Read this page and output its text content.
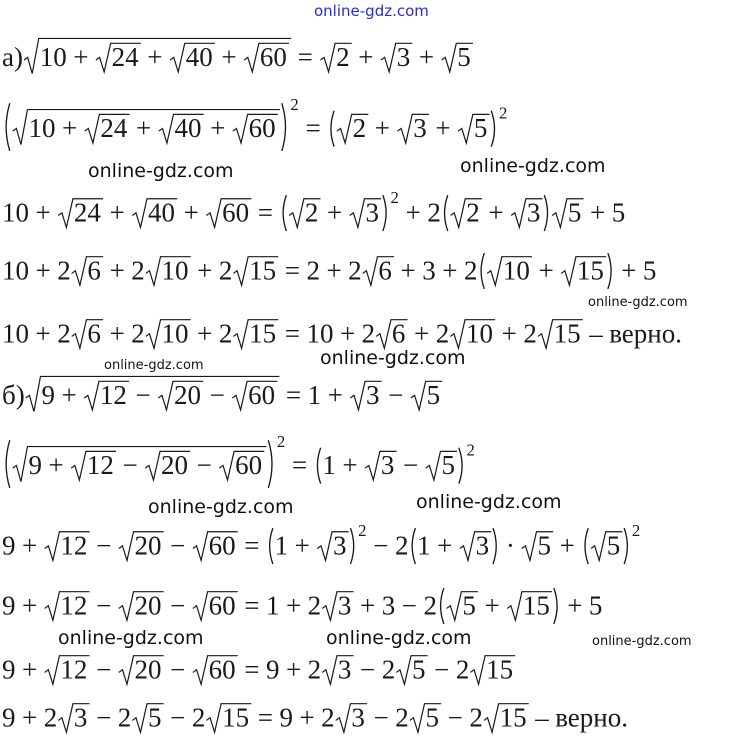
а) 10 + 24 + 40 + 60 = 2 + 3 + 5
10 + 24 + 40 + 60
2
= 2 + 3 + 5 2
10 + 24 + 40 + 60 = 2 + 3 2 + 2 2 + 3 5 + 5
10 + 2 6 + 2 10 + 2 15 = 2 + 2 6 + 3 + 2 10 + 15 + 5
10 + 2 6 + 2 10 + 2 15 = 10 + 2 6 + 2 10 + 2 15 – верно.
б) 9 + 12 − 20 − 60 = 1 + 3 − 5
9 + 12 − 20 − 60
2
= 1 + 3 − 5 2
9 + 12 − 20 − 60 = 1 + 3 2 − 2 1 + 3 · 5 + 5 2
9 + 12 − 20 − 60 = 1 + 2 3 + 3 − 2 5 + 15 + 5
9 + 12 − 20 − 60 = 9 + 2 3 − 2 5 − 2 15
9 + 2 3 − 2 5 − 2 15 = 9 + 2 3 − 2 5 − 2 15 – верно.
online-gdz.com
online-gdz.com	online-gdz.com
online-gdz.com
online-gdz.com	online-gdz.com
online-gdz.com	online-gdz.com
online-gdz.com	online-gdz.com	online-gdz.com
